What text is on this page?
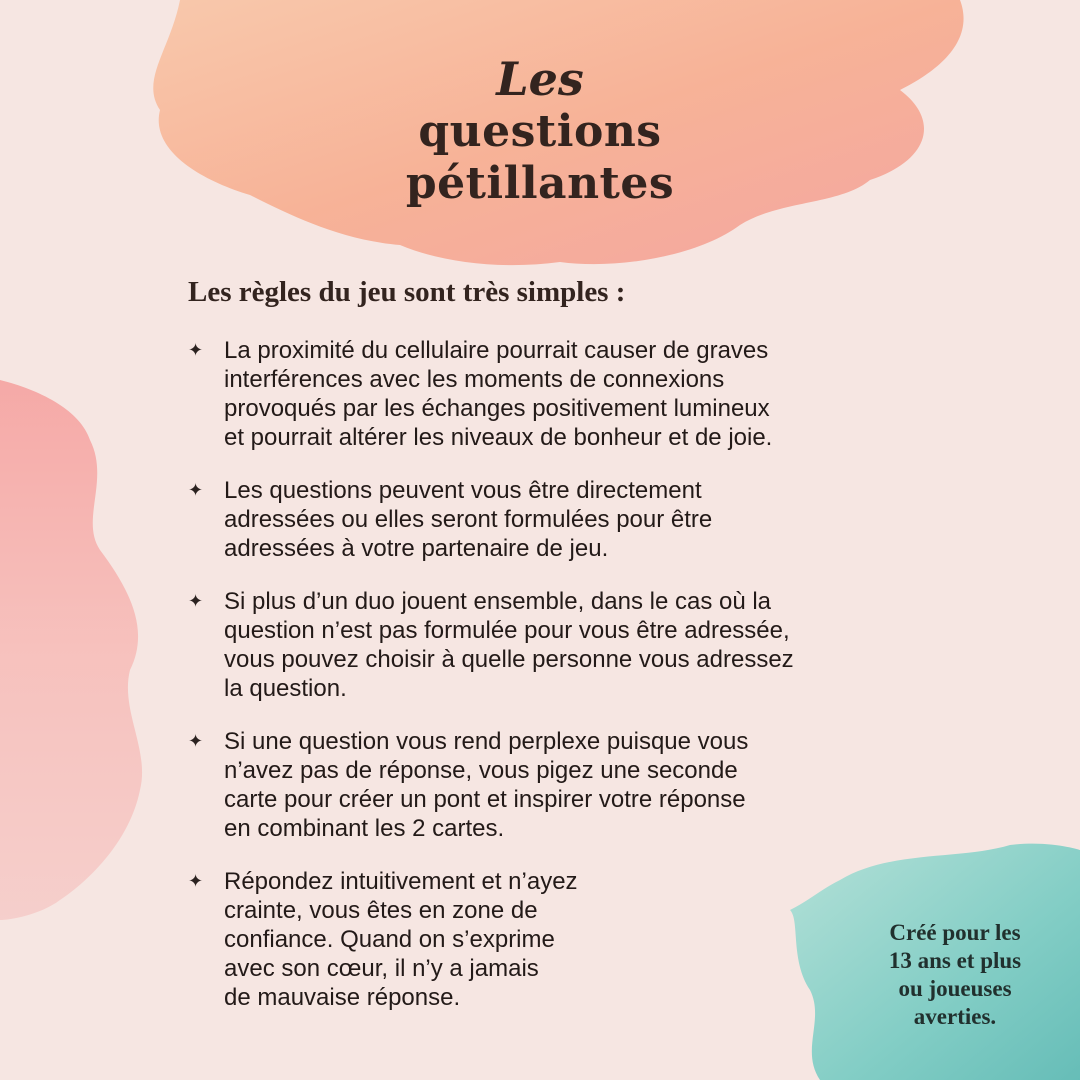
Les
questions
pétillantes
Les règles du jeu sont très simples :
✦ La proximité du cellulaire pourrait causer de graves
interférences avec les moments de connexions
provoqués par les échanges positivement lumineux
et pourrait altérer les niveaux de bonheur et de joie.
✦ Les questions peuvent vous être directement
adressées ou elles seront formulées pour être
adressées à votre partenaire de jeu.
✦ Si plus d’un duo jouent ensemble, dans le cas où la
question n’est pas formulée pour vous être adressée,
vous pouvez choisir à quelle personne vous adressez
la question.
✦ Si une question vous rend perplexe puisque vous
n’avez pas de réponse, vous pigez une seconde
carte pour créer un pont et inspirer votre réponse
en combinant les 2 cartes.
✦ Répondez intuitivement et n’ayez
crainte, vous êtes en zone de
confiance. Quand on s’exprime
avec son cœur, il n’y a jamais
de mauvaise réponse.
Créé pour les
13 ans et plus
ou joueuses
averties.
